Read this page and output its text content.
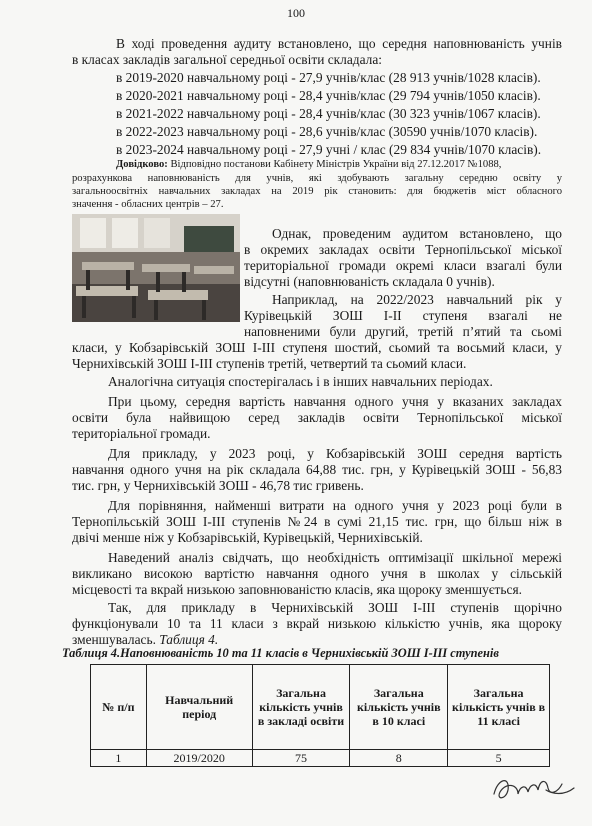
100
В ході проведення аудиту встановлено, що середня наповнюваність учнів
в класах закладів загальної середньої освіти складала:
в 2019-2020 навчальному році - 27,9 учнів/клас (28 913 учнів/1028 класів).
в 2020-2021 навчальному році - 28,4 учнів/клас (29 794 учнів/1050 класів).
в 2021-2022 навчальному році - 28,4 учнів/клас (30 323 учнів/1067 класів).
в 2022-2023 навчальному році - 28,6 учнів/клас (30590 учнів/1070 класів).
в 2023-2024 навчальному році - 27,9 учні / клас (29 834 учнів/1070 класів).
Довідково: Відповідно постанови Кабінету Міністрів України від 27.12.2017 №1088,
розрахункова наповнюваність для учнів, які здобувають загальну середню освіту у
загальноосвітніх навчальних закладах на 2019 рік становить: для бюджетів міст обласного
значення - обласних центрів – 27.
Однак, проведеним аудитом встановлено, що
в окремих закладах освіти Тернопільської міської
територіальної громади окремі класи взагалі були
відсутні (наповнюваність складала 0 учнів).
Наприклад, на 2022/2023 навчальний рік у
Курівецькій ЗОШ І-ІІ ступеня взагалі не
наповненими були другий, третій п’ятий та сьомі
класи, у Кобзарівській ЗОШ І-ІІІ ступеня шостий, сьомий та восьмий класи, у
Чернихівській ЗОШ І-ІІІ ступенів третій, четвертий та сьомий класи.
Аналогічна ситуація спостерігалась і в інших навчальних періодах.
При цьому, середня вартість навчання одного учня у вказаних закладах
освіти була найвищою серед закладів освіти Тернопільської міської
територіальної громади.
Для прикладу, у 2023 році, у Кобзарівській ЗОШ середня вартість
навчання одного учня на рік складала 64,88 тис. грн, у Курівецькій ЗОШ - 56,83
тис. грн, у Чернихівській ЗОШ - 46,78 тис гривень.
Для порівняння, найменші витрати на одного учня у 2023 році були в
Тернопільській ЗОШ І-ІІІ ступенів №24 в сумі 21,15 тис. грн, що більш ніж в
двічі менше ніж у Кобзарівській, Курівецькій, Чернихівській.
Наведений аналіз свідчать, що необхідність оптимізації шкільної мережі
викликано високою вартістю навчання одного учня в школах у сільській
місцевості та вкрай низькою заповнюваністю класів, яка щороку зменшується.
Так, для прикладу в Чернихівській ЗОШ І-ІІІ ступенів щорічно
функціонували 10 та 11 класи з вкрай низькою кількістю учнів, яка щороку
зменшувалась. Таблиця 4.
Таблиця 4.Наповнюваність 10 та 11 класів в Чернихівській ЗОШ І-ІІІ ступенів
№ п/п	Навчальний період	Загальна кількість учнів в закладі освіти	Загальна кількість учнів в 10 класі	Загальна кількість учнів в 11 класі
1	2019/2020	75	8	5
